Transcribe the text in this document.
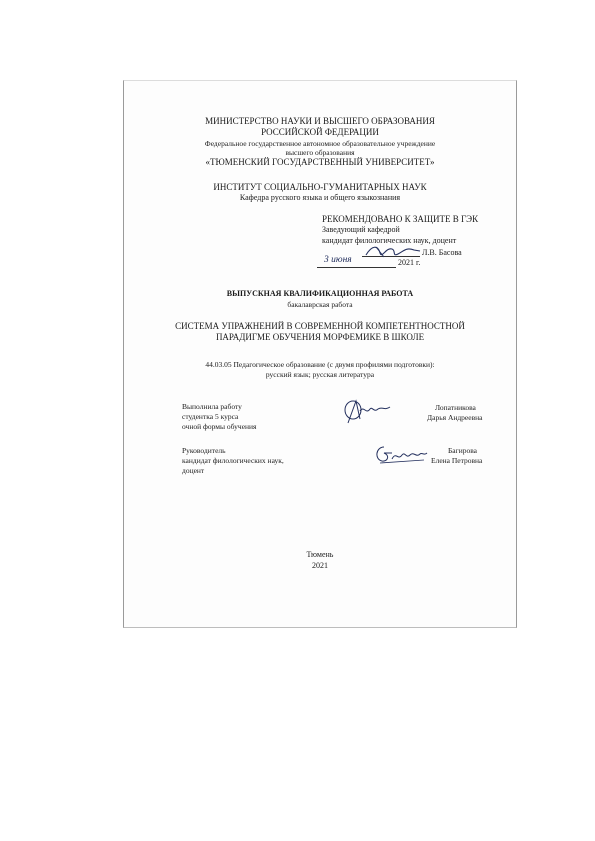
МИНИСТЕРСТВО НАУКИ И ВЫСШЕГО ОБРАЗОВАНИЯ
РОССИЙСКОЙ ФЕДЕРАЦИИ
Федеральное государственное автономное образовательное учреждение
высшего образования
«ТЮМЕНСКИЙ ГОСУДАРСТВЕННЫЙ УНИВЕРСИТЕТ»
ИНСТИТУТ СОЦИАЛЬНО-ГУМАНИТАРНЫХ НАУК
Кафедра русского языка и общего языкознания
РЕКОМЕНДОВАНО К ЗАЩИТЕ В ГЭК
Заведующий кафедрой
кандидат филологических наук, доцент
Л.В. Басова
3 июня	2021 г.
ВЫПУСКНАЯ КВАЛИФИКАЦИОННАЯ РАБОТА
бакалаврская работа
СИСТЕМА УПРАЖНЕНИЙ В СОВРЕМЕННОЙ КОМПЕТЕНТНОСТНОЙ
ПАРАДИГМЕ ОБУЧЕНИЯ МОРФЕМИКЕ В ШКОЛЕ
44.03.05 Педагогическое образование (с двумя профилями подготовки):
русский язык; русская литература
Выполнила работу
студентка 5 курса
очной формы обучения
Лопатникова
Дарья Андреевна
Руководитель
кандидат филологических наук,
доцент
Багирова
Елена Петровна
Тюмень
2021
